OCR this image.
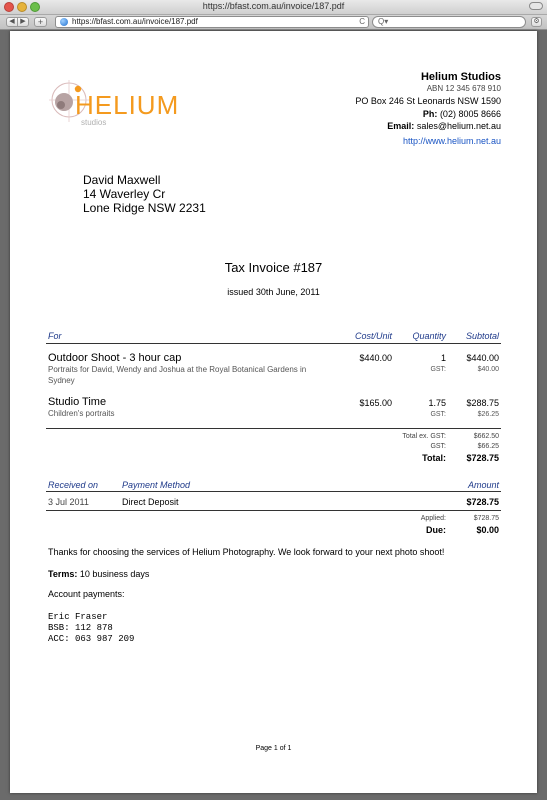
https://bfast.com.au/invoice/187.pdf
◀ ▶	+	https://bfast.com.au/invoice/187.pdf	C Q▾	⚙
HELIUM
studios
Helium Studios
ABN 12 345 678 910
PO Box 246 St Leonards NSW 1590
Ph: (02) 8005 8666
Email: sales@helium.net.au
http://www.helium.net.au
David Maxwell
14 Waverley Cr
Lone Ridge NSW 2231
Tax Invoice #187
issued 30th June, 2011
For	Cost/Unit Quantity Subtotal
Outdoor Shoot - 3 hour cap
Portraits for David, Wendy and Joshua at the Royal Botanical Gardens in
Sydney
$440.00	1 $440.00
GST:	$40.00
Studio Time
Children's portraits
$165.00	1.75 $288.75
GST:	$26.25
Total ex. GST:	$662.50
GST:	$66.25
Total: $728.75
Received on	Payment Method	Amount
3 Jul 2011	Direct Deposit	$728.75
Applied:	$728.75
Due:	$0.00
Thanks for choosing the services of Helium Photography. We look forward to your next photo shoot!
Terms: 10 business days
Account payments:
Eric Fraser
BSB: 112 878
ACC: 063 987 209
Page 1 of 1
